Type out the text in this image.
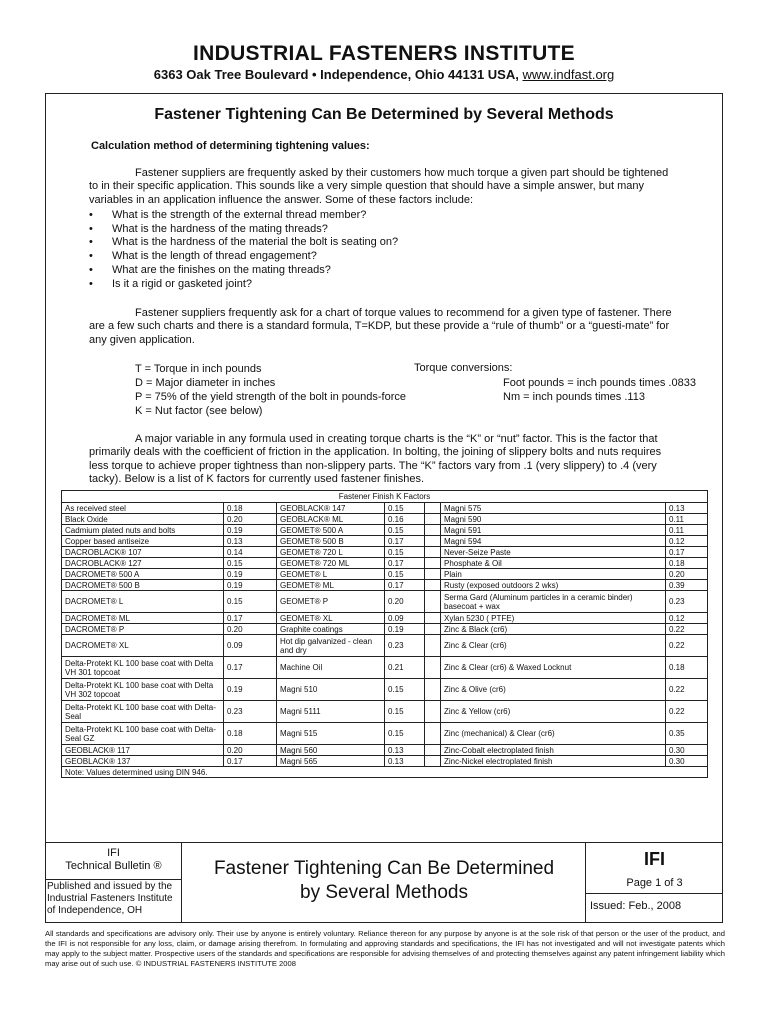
INDUSTRIAL FASTENERS INSTITUTE
6363 Oak Tree Boulevard • Independence, Ohio 44131 USA, www.indfast.org
Fastener Tightening Can Be Determined by Several Methods
Calculation method of determining tightening values:
Fastener suppliers are frequently asked by their customers how much torque a given part should be tightened to in their specific application. This sounds like a very simple question that should have a simple answer, but many variables in an application influence the answer. Some of these factors include:
• What is the strength of the external thread member?
• What is the hardness of the mating threads?
• What is the hardness of the material the bolt is seating on?
• What is the length of thread engagement?
• What are the finishes on the mating threads?
• Is it a rigid or gasketed joint?
Fastener suppliers frequently ask for a chart of torque values to recommend for a given type of fastener. There are a few such charts and there is a standard formula, T=KDP, but these provide a “rule of thumb” or a “guesti-mate” for any given application.
T = Torque in inch pounds
D = Major diameter in inches
P = 75% of the yield strength of the bolt in pounds-force
K = Nut factor (see below)
Torque conversions:
Foot pounds = inch pounds times .0833
Nm = inch pounds times .113
A major variable in any formula used in creating torque charts is the “K” or “nut” factor. This is the factor that primarily deals with the coefficient of friction in the application. In bolting, the joining of slippery bolts and nuts requires less torque to achieve proper tightness than non-slippery parts. The “K” factors vary from .1 (very slippery) to .4 (very tacky). Below is a list of K factors for currently used fastener finishes.
Fastener Finish K Factors						
As received steel	0.18	GEOBLACK® 147	0.15		Magni 575	0.13
Black Oxide	0.20	GEOBLACK® ML	0.16		Magni 590	0.11
Cadmium plated nuts and bolts	0.19	GEOMET® 500 A	0.15		Magni 591	0.11
Copper based antiseize	0.13	GEOMET® 500 B	0.17		Magni 594	0.12
DACROBLACK® 107	0.14	GEOMET® 720 L	0.15		Never-Seize Paste	0.17
DACROBLACK® 127	0.15	GEOMET® 720 ML	0.17		Phosphate & Oil	0.18
DACROMET® 500 A	0.19	GEOMET® L	0.15		Plain	0.20
DACROMET® 500 B	0.19	GEOMET® ML	0.17		Rusty (exposed outdoors 2 wks)	0.39
DACROMET® L	0.15	GEOMET® P	0.20		Serma Gard (Aluminum particles in a ceramic binder) basecoat + wax	0.23
DACROMET® ML	0.17	GEOMET® XL	0.09		Xylan 5230 ( PTFE)	0.12
DACROMET® P	0.20	Graphite coatings	0.19		Zinc & Black (cr6)	0.22
DACROMET® XL	0.09	Hot dip galvanized - clean and dry	0.23		Zinc & Clear (cr6)	0.22
Delta-Protekt KL 100 base coat with Delta VH 301 topcoat	0.17	Machine Oil	0.21		Zinc & Clear (cr6) & Waxed Locknut	0.18
Delta-Protekt KL 100 base coat with Delta VH 302 topcoat	0.19	Magni 510	0.15		Zinc & Olive (cr6)	0.22
Delta-Protekt KL 100 base coat with Delta-Seal	0.23	Magni 5111	0.15		Zinc & Yellow (cr6)	0.22
Delta-Protekt KL 100 base coat with Delta-Seal GZ	0.18	Magni 515	0.15		Zinc (mechanical) & Clear (cr6)	0.35
GEOBLACK® 117	0.20	Magni 560	0.13		Zinc-Cobalt electroplated finish	0.30
GEOBLACK® 137	0.17	Magni 565	0.13		Zinc-Nickel electroplated finish	0.30
Note: Values determined using DIN 946.						
IFI
Technical Bulletin ®
Published and issued by the Industrial Fasteners Institute of Independence, OH
Fastener Tightening Can Be Determined
by Several Methods
IFI
Page 1 of 3
Issued: Feb., 2008
All standards and specifications are advisory only. Their use by anyone is entirely voluntary. Reliance thereon for any purpose by anyone is at the sole risk of that person or the user of the product, and the IFI is not responsible for any loss, claim, or damage arising therefrom. In formulating and approving standards and specifications, the IFI has not investigated and will not investigate patents which may apply to the subject matter. Prospective users of the standards and specifications are responsible for advising themselves of and protecting themselves against any patent infringement liability which may arise out of such use. © INDUSTRIAL FASTENERS INSTITUTE 2008
